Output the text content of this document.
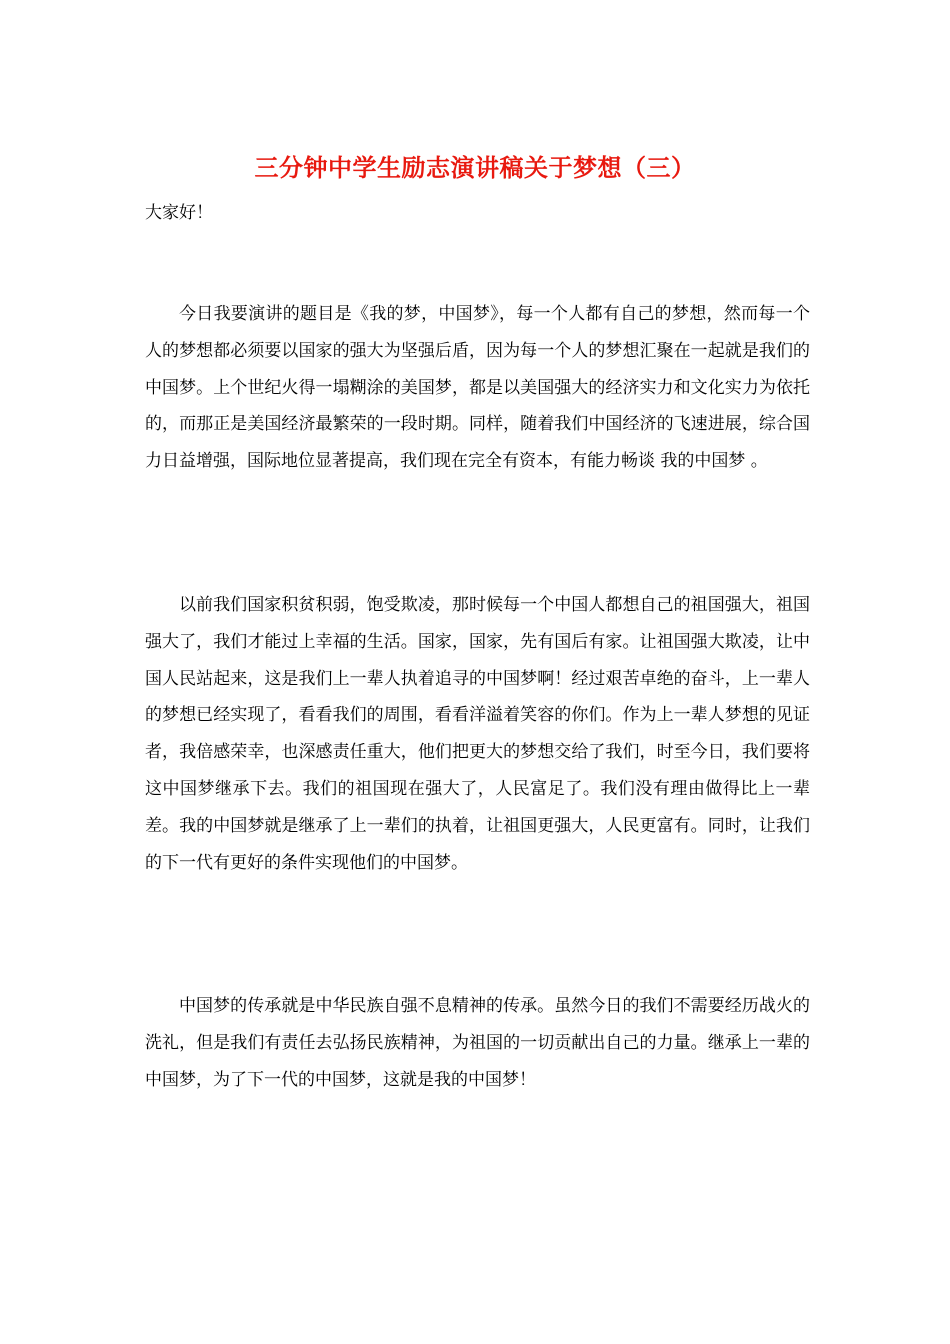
三分钟中学生励志演讲稿关于梦想（三）
大家好！

今日我要演讲的题目是《我的梦，中国梦》，每一个人都有自己的梦想，然而每一个人的梦想都必须要以国家的强大为坚强后盾，因为每一个人的梦想汇聚在一起就是我们的中国梦。上个世纪火得一塌糊涂的美国梦，都是以美国强大的经济实力和文化实力为依托的，而那正是美国经济最繁荣的一段时期。同样，随着我们中国经济的飞速进展，综合国力日益增强，国际地位显著提高，我们现在完全有资本，有能力畅谈 我的中国梦 。

以前我们国家积贫积弱，饱受欺凌，那时候每一个中国人都想自己的祖国强大，祖国强大了，我们才能过上幸福的生活。国家，国家，先有国后有家。让祖国强大欺凌，让中国人民站起来，这是我们上一辈人执着追寻的中国梦啊！经过艰苦卓绝的奋斗，上一辈人的梦想已经实现了，看看我们的周围，看看洋溢着笑容的你们。作为上一辈人梦想的见证者，我倍感荣幸，也深感责任重大，他们把更大的梦想交给了我们，时至今日，我们要将这中国梦继承下去。我们的祖国现在强大了，人民富足了。我们没有理由做得比上一辈差。我的中国梦就是继承了上一辈们的执着，让祖国更强大，人民更富有。同时，让我们的下一代有更好的条件实现他们的中国梦。

中国梦的传承就是中华民族自强不息精神的传承。虽然今日的我们不需要经历战火的洗礼，但是我们有责任去弘扬民族精神，为祖国的一切贡献出自己的力量。继承上一辈的中国梦，为了下一代的中国梦，这就是我的中国梦！
